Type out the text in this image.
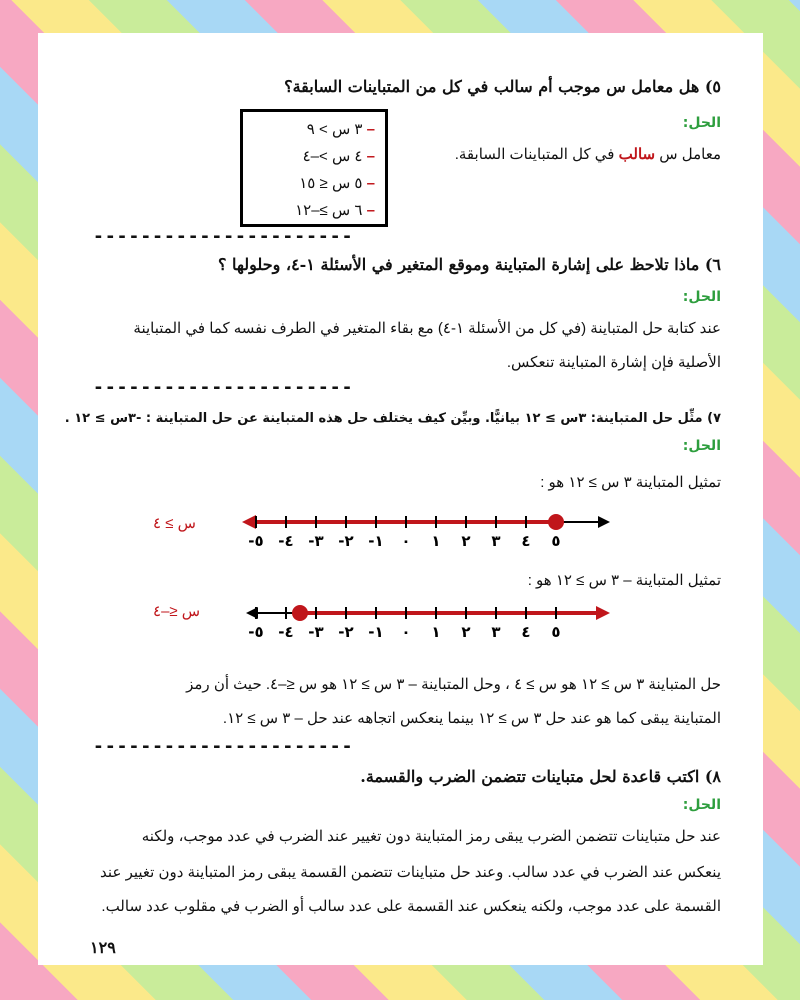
٥) هل معامل س موجب أم سالب في كل من المتباينات السابقة؟
الحل:
معامل س سالب في كل المتباينات السابقة.
– ٣ س > ٩
– ٤ س >–٤
– ٥ س ≤ ١٥
– ٦ س ≥–١٢
----------------------
٦) ماذا تلاحظ على إشارة المتباينة وموقع المتغير في الأسئلة ١-٤، وحلولها ؟
الحل:
عند كتابة حل المتباينة (في كل من الأسئلة ١-٤) مع بقاء المتغير في الطرف نفسه كما في المتباينة
الأصلية فإن إشارة المتباينة تنعكس.
----------------------
٧) مثِّل حل المتباينة: ٣س ≥ ١٢ بيانيًّا. وبيِّن كيف يختلف حل هذه المتباينة عن حل المتباينة : -٣س ≥ ١٢ .
الحل:
تمثيل المتباينة ٣ س ≥ ١٢ هو :
س ≥ ٤
٥- ٤- ٣- ٢- ١- ٠ ١ ٢ ٣ ٤ ٥
تمثيل المتباينة – ٣ س ≥ ١٢ هو :
س ≤–٤
٥- ٤- ٣- ٢- ١- ٠ ١ ٢ ٣ ٤ ٥
حل المتباينة ٣ س ≥ ١٢ هو س ≥ ٤ ، وحل المتباينة – ٣ س ≥ ١٢ هو س ≤–٤. حيث أن رمز
المتباينة يبقى كما هو عند حل ٣ س ≥ ١٢ بينما ينعكس اتجاهه عند حل – ٣ س ≥ ١٢.
----------------------
٨) اكتب قاعدة لحل متباينات تتضمن الضرب والقسمة.
الحل:
عند حل متباينات تتضمن الضرب يبقى رمز المتباينة دون تغيير عند الضرب في عدد موجب، ولكنه
ينعكس عند الضرب في عدد سالب. وعند حل متباينات تتضمن القسمة يبقى رمز المتباينة دون تغيير عند
القسمة على عدد موجب، ولكنه ينعكس عند القسمة على عدد سالب أو الضرب في مقلوب عدد سالب.
١٢٩
